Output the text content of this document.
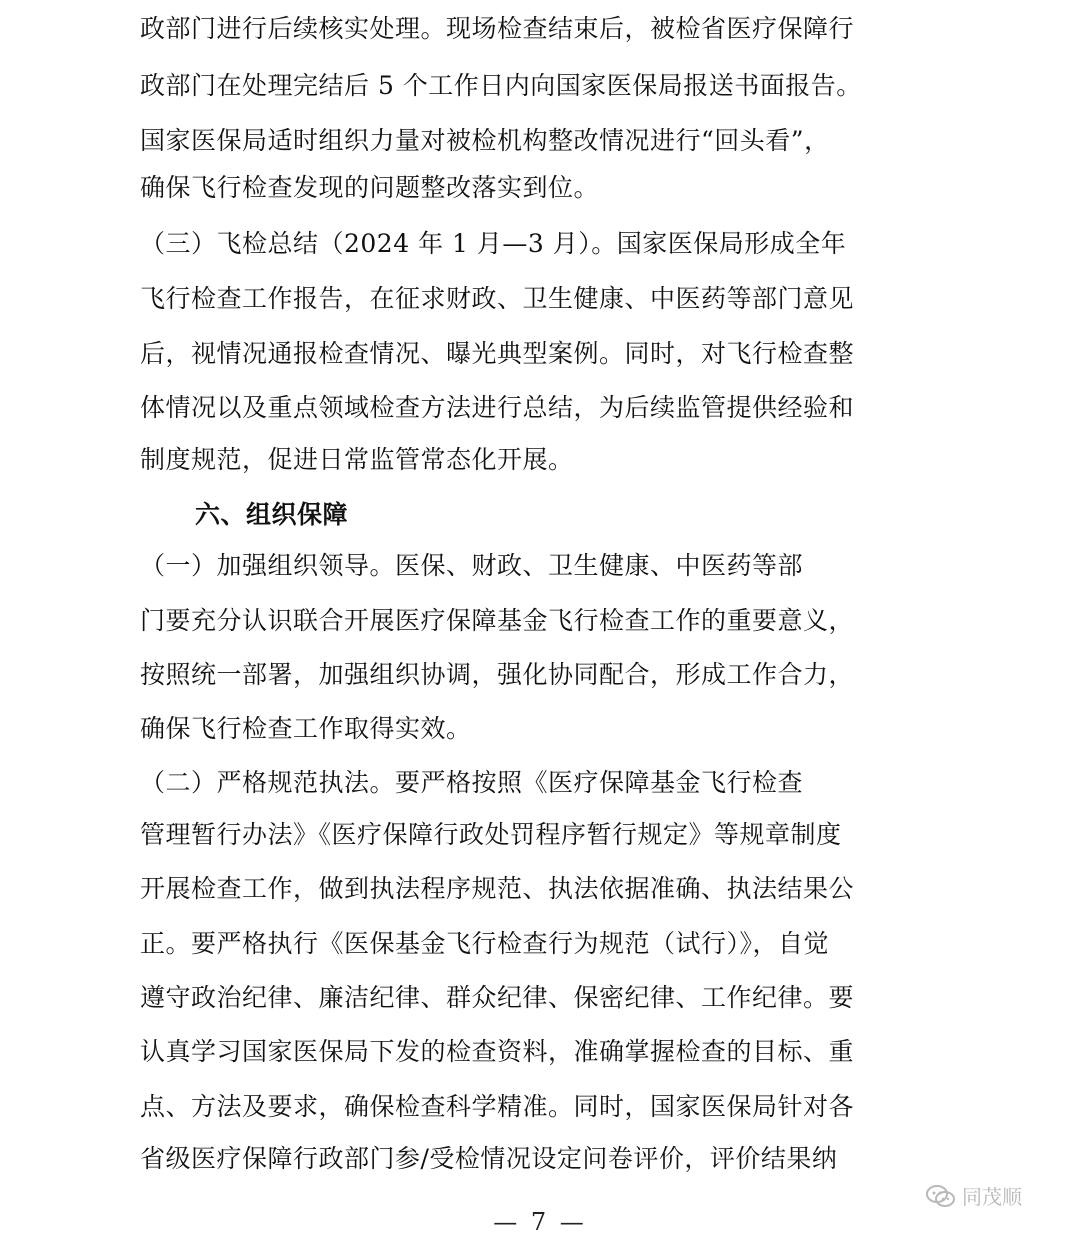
政部门进行后续核实处理。现场检查结束后，被检省医疗保障行
政部门在处理完结后 5 个工作日内向国家医保局报送书面报告。
国家医保局适时组织力量对被检机构整改情况进行“回头看”，
确保飞行检查发现的问题整改落实到位。
（三）飞检总结（2024 年 1 月—3 月）。国家医保局形成全年
飞行检查工作报告，在征求财政、卫生健康、中医药等部门意见
后，视情况通报检查情况、曝光典型案例。同时，对飞行检查整
体情况以及重点领域检查方法进行总结，为后续监管提供经验和
制度规范，促进日常监管常态化开展。
六、组织保障
（一）加强组织领导。医保、财政、卫生健康、中医药等部
门要充分认识联合开展医疗保障基金飞行检查工作的重要意义，
按照统一部署，加强组织协调，强化协同配合，形成工作合力，
确保飞行检查工作取得实效。
（二）严格规范执法。要严格按照《医疗保障基金飞行检查
管理暂行办法》《医疗保障行政处罚程序暂行规定》等规章制度
开展检查工作，做到执法程序规范、执法依据准确、执法结果公
正。要严格执行《医保基金飞行检查行为规范（试行）》，自觉
遵守政治纪律、廉洁纪律、群众纪律、保密纪律、工作纪律。要
认真学习国家医保局下发的检查资料，准确掌握检查的目标、重
点、方法及要求，确保检查科学精准。同时，国家医保局针对各
省级医疗保障行政部门参/受检情况设定问卷评价，评价结果纳
同茂顺
— 7 —
